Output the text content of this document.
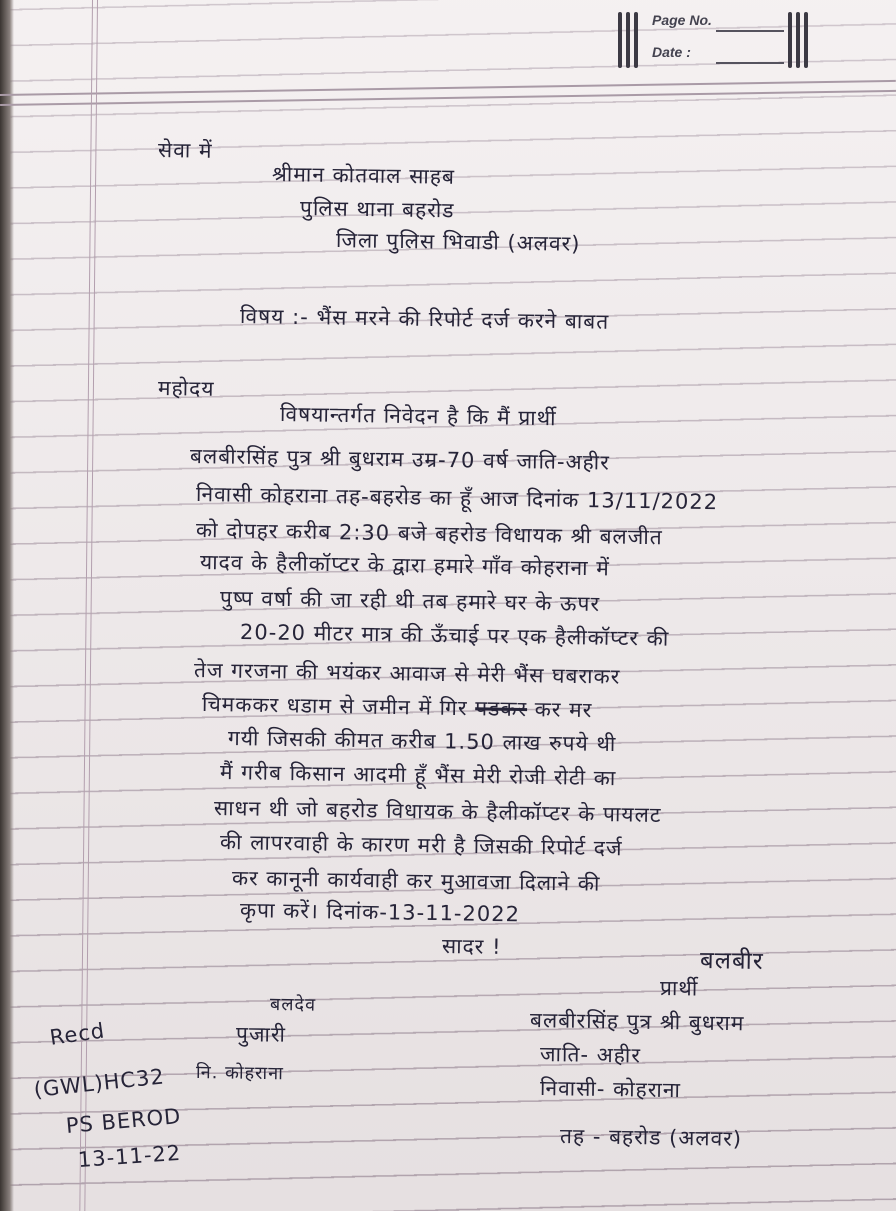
Page No.
Date :

सेवा में

श्रीमान कोतवाल साहब

पुलिस थाना बहरोड

जिला पुलिस भिवाडी (अलवर)

विषय :- भैंस मरने की रिपोर्ट दर्ज करने बाबत

महोदय

विषयान्तर्गत निवेदन है कि मैं प्रार्थी

बलबीरसिंह पुत्र श्री बुधराम उम्र-70 वर्ष जाति-अहीर

निवासी कोहराना तह-बहरोड का हूँ आज दिनांक 13/11/2022

को दोपहर करीब 2:30 बजे बहरोड विधायक श्री बलजीत

यादव के हैलीकॉप्टर के द्वारा हमारे गाँव कोहराना में

पुष्प वर्षा की जा रही थी तब हमारे घर के ऊपर

20-20 मीटर मात्र की ऊँचाई पर एक हैलीकॉप्टर की

तेज गरजना की भयंकर आवाज से मेरी भैंस घबराकर

चिमककर धडाम से जमीन में गिर पडकर कर मर

गयी जिसकी कीमत करीब 1.50 लाख रुपये थी

मैं गरीब किसान आदमी हूँ भैंस मेरी रोजी रोटी का

साधन थी जो बहरोड विधायक के हैलीकॉप्टर के पायलट

की लापरवाही के कारण मरी है जिसकी रिपोर्ट दर्ज

कर कानूनी कार्यवाही कर मुआवजा दिलाने की

कृपा करें। दिनांक-13-11-2022

सादर !	बलबीर

प्रार्थी

बलबीरसिंह पुत्र श्री बुधराम

जाति- अहीर

निवासी- कोहराना

तह - बहरोड (अलवर)

बलदेव

पुजारी

नि. कोहराना

Recd

(GWL)HC32

PS BEROD

13-11-22
